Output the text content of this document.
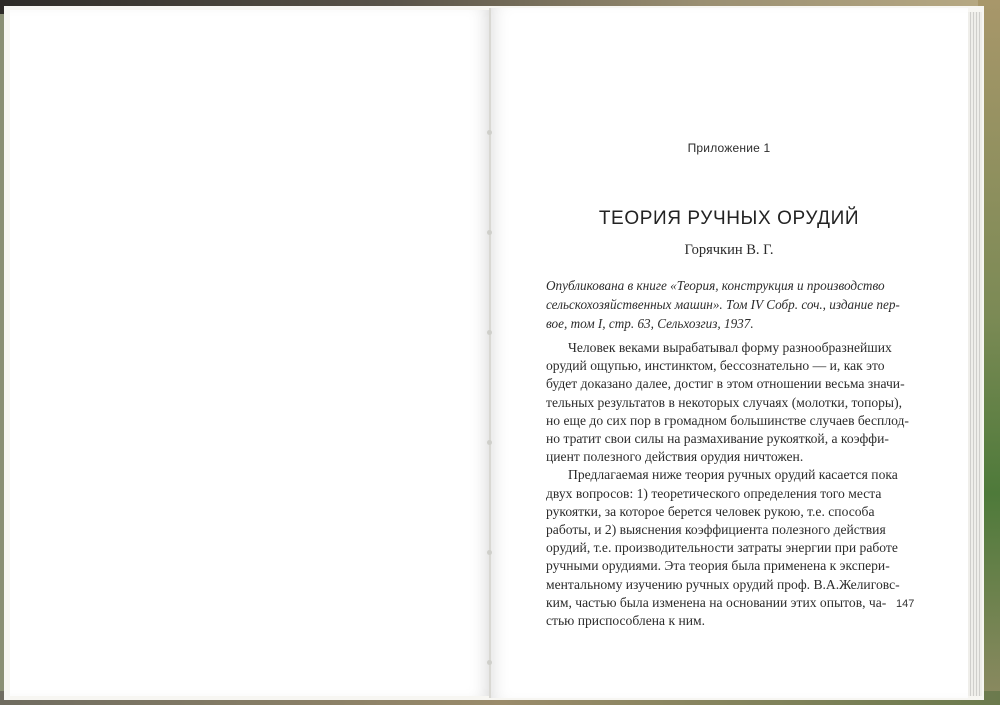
Приложение 1
ТЕОРИЯ РУЧНЫХ ОРУДИЙ
Горячкин В. Г.
Опубликована в книге «Теория, конструкция и производство
сельскохозяйственных машин». Том IV Собр. соч., издание пер-
вое, том I, стр. 63, Сельхозгиз, 1937.
Человек веками вырабатывал форму разнообразнейших
орудий ощупью, инстинктом, бессознательно — и, как это
будет доказано далее, достиг в этом отношении весьма значи-
тельных результатов в некоторых случаях (молотки, топоры),
но еще до сих пор в громадном большинстве случаев бесплод-
но тратит свои силы на размахивание рукояткой, а коэффи-
циент полезного действия орудия ничтожен.
Предлагаемая ниже теория ручных орудий касается пока
двух вопросов: 1) теоретического определения того места
рукоятки, за которое берется человек рукою, т.е. способа
работы, и 2) выяснения коэффициента полезного действия
орудий, т.е. производительности затраты энергии при работе
ручными орудиями. Эта теория была применена к экспери-
ментальному изучению ручных орудий проф. В.А.Желиговс-
ким, частью была изменена на основании этих опытов, ча-
стью приспособлена к ним.
147
